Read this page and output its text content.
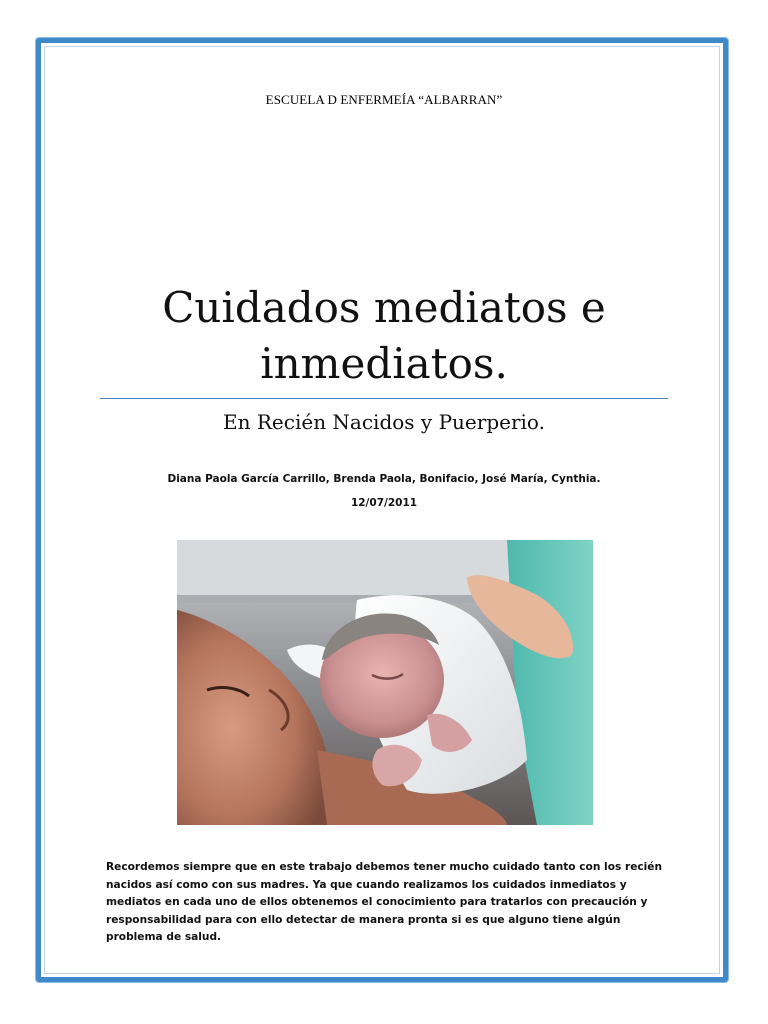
ESCUELA D ENFERMEÍA “ALBARRAN”
Cuidados mediatos e inmediatos.
En Recién Nacidos y Puerperio.
Diana Paola García Carrillo, Brenda Paola, Bonifacio, José María, Cynthia.
12/07/2011
Recordemos siempre que en este trabajo debemos tener mucho cuidado tanto con los recién nacidos así como con sus madres. Ya que cuando realizamos los cuidados inmediatos y mediatos en cada uno de ellos obtenemos el conocimiento para tratarlos con precaución y responsabilidad para con ello detectar de manera pronta si es que alguno tiene algún problema de salud.
